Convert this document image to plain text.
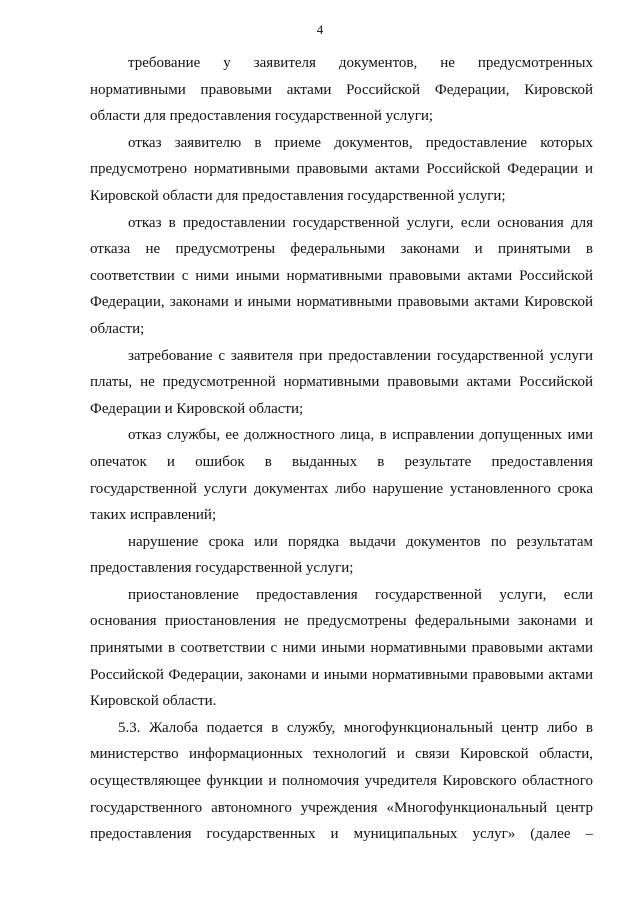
4

требование у заявителя документов, не предусмотренных
нормативными правовыми актами Российской Федерации, Кировской
области для предоставления государственной услуги;

отказ заявителю в приеме документов, предоставление которых
предусмотрено нормативными правовыми актами Российской Федерации и
Кировской области для предоставления государственной услуги;

отказ в предоставлении государственной услуги, если основания для
отказа не предусмотрены федеральными законами и принятыми в
соответствии с ними иными нормативными правовыми актами Российской
Федерации, законами и иными нормативными правовыми актами Кировской
области;

затребование с заявителя при предоставлении государственной услуги
платы, не предусмотренной нормативными правовыми актами Российской
Федерации и Кировской области;

отказ службы, ее должностного лица, в исправлении допущенных ими
опечаток и ошибок в выданных в результате предоставления
государственной услуги документах либо нарушение установленного срока
таких исправлений;

нарушение срока или порядка выдачи документов по результатам
предоставления государственной услуги;

приостановление предоставления государственной услуги, если
основания приостановления не предусмотрены федеральными законами и
принятыми в соответствии с ними иными нормативными правовыми актами
Российской Федерации, законами и иными нормативными правовыми актами
Кировской области.

5.3. Жалоба подается в службу, многофункциональный центр либо в
министерство информационных технологий и связи Кировской области,
осуществляющее функции и полномочия учредителя Кировского областного
государственного автономного учреждения «Многофункциональный центр
предоставления государственных и муниципальных услуг» (далее –
